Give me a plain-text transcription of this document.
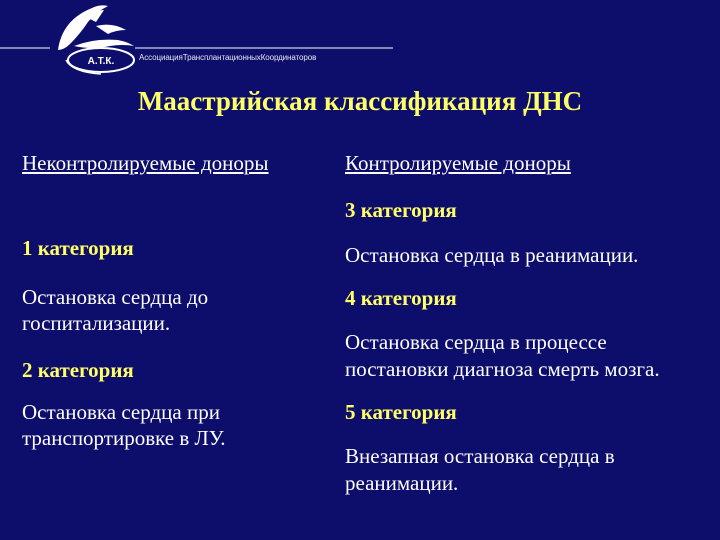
А.Т.К.	АссоциацияТрансплантационныхКоординаторов
Маастрийская классификация ДНС
Неконтролируемые доноры
1 категория
Остановка сердца до
госпитализации.
2 категория
Остановка сердца при
транспортировке в ЛУ.
Контролируемые доноры
3 категория
Остановка сердца в реанимации.
4 категория
Остановка сердца в процессе
постановки диагноза смерть мозга.
5 категория
Внезапная остановка сердца в
реанимации.
